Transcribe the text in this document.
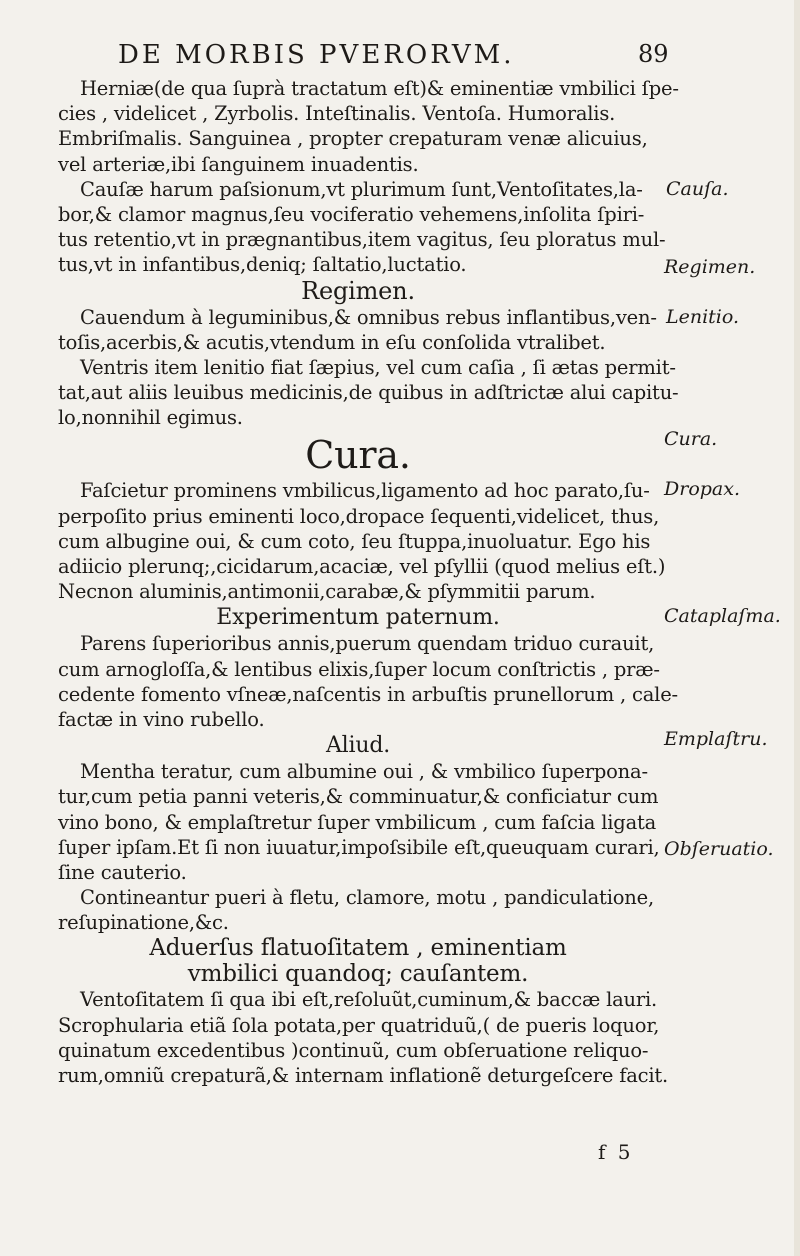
DE MORBIS PVERORVM.	89
Herniæ(de qua ſuprà tractatum eſt)& eminentiæ vmbilici ſpe-
cies , videlicet , Zyrbolis. Inteſtinalis. Ventoſa. Humoralis.
Embriſmalis. Sanguinea , propter crepaturam venæ alicuius,
vel arteriæ,ibi ſanguinem inuadentis.
Cauſæ harum paſsionum,vt plurimum ſunt,Ventoſitates,la-
bor,& clamor magnus,ſeu vociferatio vehemens,inſolita ſpiri-
tus retentio,vt in prægnantibus,item vagitus, ſeu ploratus mul-
tus,vt in infantibus,deniq; ſaltatio,luctatio.
Regimen.
Cauendum à leguminibus,& omnibus rebus inflantibus,ven-
toſis,acerbis,& acutis,vtendum in eſu conſolida vtralibet.
Ventris item lenitio fiat ſæpius, vel cum caſia , ſi ætas permit-
tat,aut aliis leuibus medicinis,de quibus in adſtrictæ alui capitu-
lo,nonnihil egimus.
Cura.
Faſcietur prominens vmbilicus,ligamento ad hoc parato,ſu-
perpoſito prius eminenti loco,dropace ſequenti,videlicet, thus,
cum albugine oui, & cum coto, ſeu ſtuppa,inuoluatur. Ego his
adiicio plerunq;,cicidarum,acaciæ, vel pſyllii (quod melius eſt.)
Necnon aluminis,antimonii,carabæ,& pſymmitii parum.
Experimentum paternum.
Parens ſuperioribus annis,puerum quendam triduo curauit,
cum arnogloſſa,& lentibus elixis,ſuper locum conſtrictis , præ-
cedente fomento vſneæ,naſcentis in arbuſtis prunellorum , cale-
factæ in vino rubello.
Aliud.
Mentha teratur, cum albumine oui , & vmbilico ſuperpona-
tur,cum petia panni veteris,& comminuatur,& conficiatur cum
vino bono, & emplaſtretur ſuper vmbilicum , cum faſcia ligata
ſuper ipſam.Et ſi non iuuatur,impoſsibile eſt,queuquam curari,
ſine cauterio.
Contineantur pueri à fletu, clamore, motu , pandiculatione,
reſupinatione,&c.
Aduerſus flatuoſitatem , eminentiam
vmbilici quandoq; cauſantem.
Ventoſitatem ſi qua ibi eſt,reſoluũt,cuminum,& baccæ lauri.
Scrophularia etiã ſola potata,per quatriduũ,( de pueris loquor,
quinatum excedentibus )continuũ, cum obſeruatione reliquo-
rum,omniũ crepaturã,& internam inflationẽ deturgeſcere facit.
Cauſa.
Regimen.
Lenitio.
Cura.
Dropax.
Cataplaſma.
Emplaſtru.
Obſeruatio.
f 5
